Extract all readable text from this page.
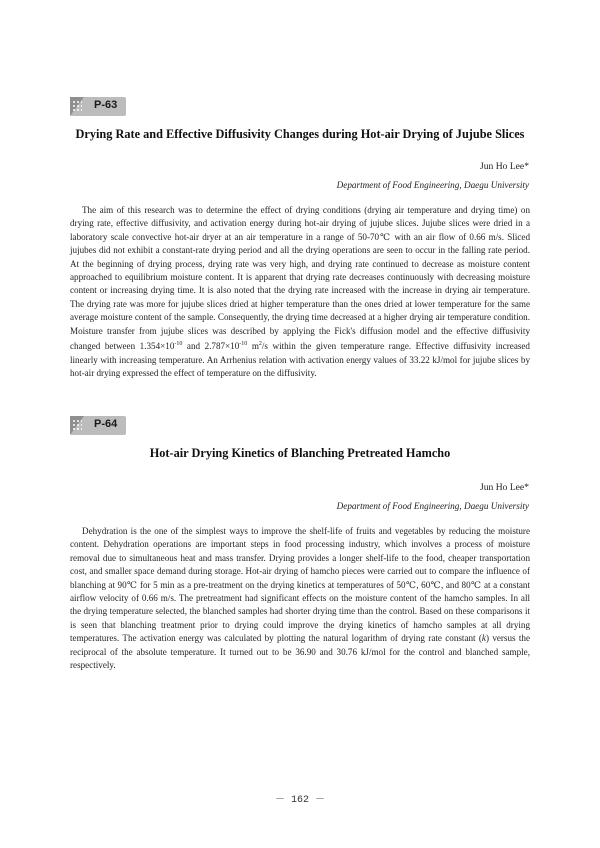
P-63
Drying Rate and Effective Diffusivity Changes during Hot-air Drying of Jujube Slices
Jun Ho Lee*
Department of Food Engineering, Daegu University

The aim of this research was to determine the effect of drying conditions (drying air temperature and drying time) on drying rate, effective diffusivity, and activation energy during hot-air drying of jujube slices. Jujube slices were dried in a laboratory scale convective hot-air dryer at an air temperature in a range of 50-70℃ with an air flow of 0.66 m/s. Sliced jujubes did not exhibit a constant-rate drying period and all the drying operations are seen to occur in the falling rate period. At the beginning of drying process, drying rate was very high, and drying rate continued to decrease as moisture content approached to equilibrium moisture content. It is apparent that drying rate decreases continuously with decreasing moisture content or increasing drying time. It is also noted that the drying rate increased with the increase in drying air temperature. The drying rate was more for jujube slices dried at higher temperature than the ones dried at lower temperature for the same average moisture content of the sample. Consequently, the drying time decreased at a higher drying air temperature condition. Moisture transfer from jujube slices was described by applying the Fick's diffusion model and the effective diffusivity changed between $1.354\times 10^{-10}$ and $2.787\times 10^{-10}$ $m^2/s$ within the given temperature range. Effective diffusivity increased linearly with increasing temperature. An Arrhenius relation with activation energy values of 33.22 kJ/mol for jujube slices by hot-air drying expressed the effect of temperature on the diffusivity.

P-64
Hot-air Drying Kinetics of Blanching Pretreated Hamcho
Jun Ho Lee*
Department of Food Engineering, Daegu University

Dehydration is the one of the simplest ways to improve the shelf-life of fruits and vegetables by reducing the moisture content. Dehydration operations are important steps in food processing industry, which involves a process of moisture removal due to simultaneous heat and mass transfer. Drying provides a longer shelf-life to the food, cheaper transportation cost, and smaller space demand during storage. Hot-air drying of hamcho pieces were carried out to compare the influence of blanching at 90℃ for 5 min as a pre-treatment on the drying kinetics at temperatures of 50℃, 60℃, and 80℃ at a constant airflow velocity of 0.66 m/s. The pretreatment had significant effects on the moisture content of the hamcho samples. In all the drying temperature selected, the blanched samples had shorter drying time than the control. Based on these comparisons it is seen that blanching treatment prior to drying could improve the drying kinetics of hamcho samples at all drying temperatures. The activation energy was calculated by plotting the natural logarithm of drying rate constant (k) versus the reciprocal of the absolute temperature. It turned out to be 36.90 and 30.76 kJ/mol for the control and blanched sample, respectively.

－ 162 －
